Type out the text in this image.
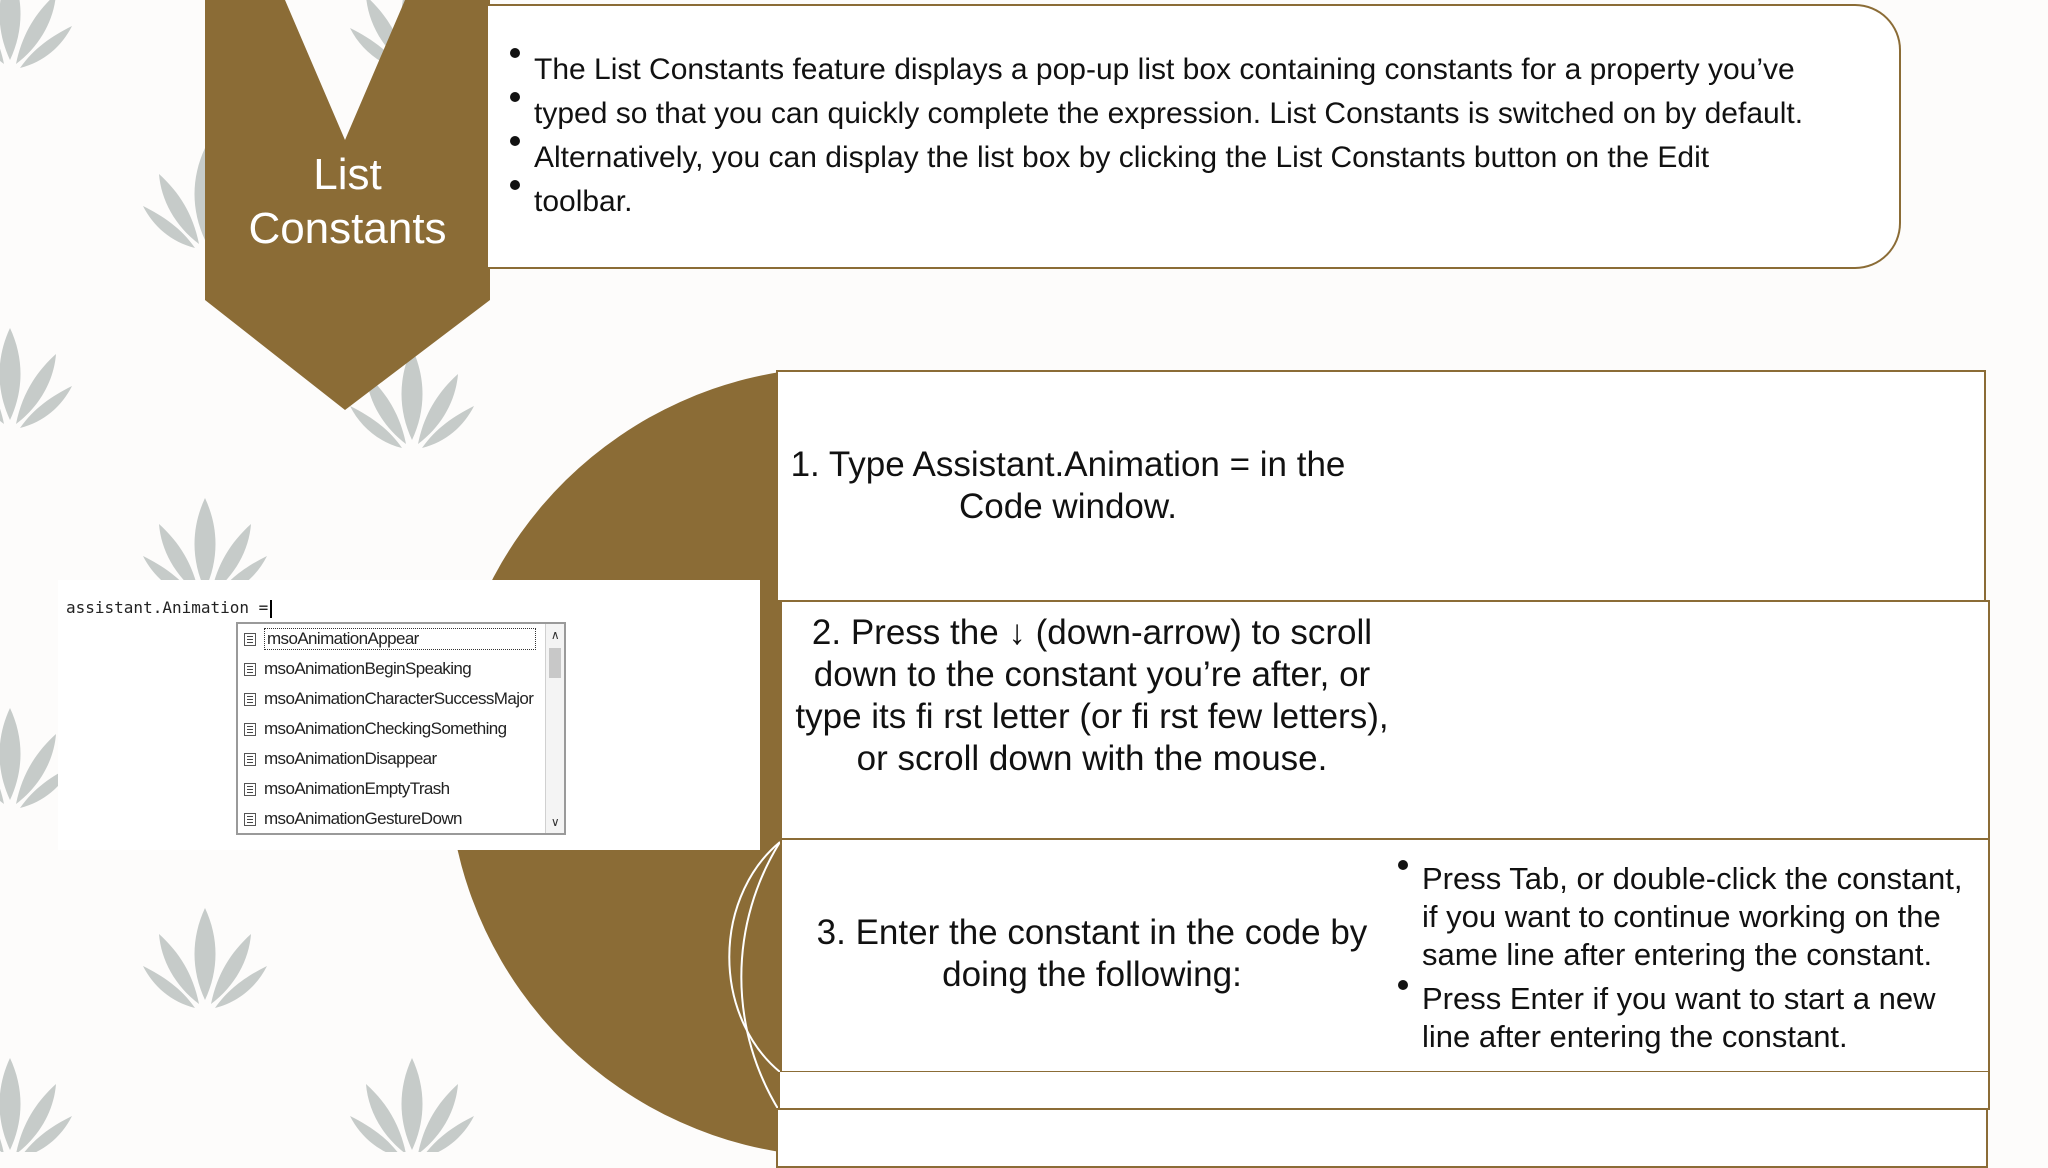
List
Constants
The List Constants feature displays a pop-up list box containing constants for a property you’ve
typed so that you can quickly complete the expression. List Constants is switched on by default.
Alternatively, you can display the list box by clicking the List Constants button on the Edit
toolbar.
1. Type Assistant.Animation = in the Code window.
2. Press the ↓ (down-arrow) to scroll down to the constant you’re after, or type its fi rst letter (or fi rst few letters), or scroll down with the mouse.
3. Enter the constant in the code by doing the following:
Press Tab, or double-click the constant, if you want to continue working on the same line after entering the constant.
Press Enter if you want to start a new line after entering the constant.
assistant.Animation =
msoAnimationAppear
msoAnimationBeginSpeaking
msoAnimationCharacterSuccessMajor
msoAnimationCheckingSomething
msoAnimationDisappear
msoAnimationEmptyTrash
msoAnimationGestureDown
∧
∨
